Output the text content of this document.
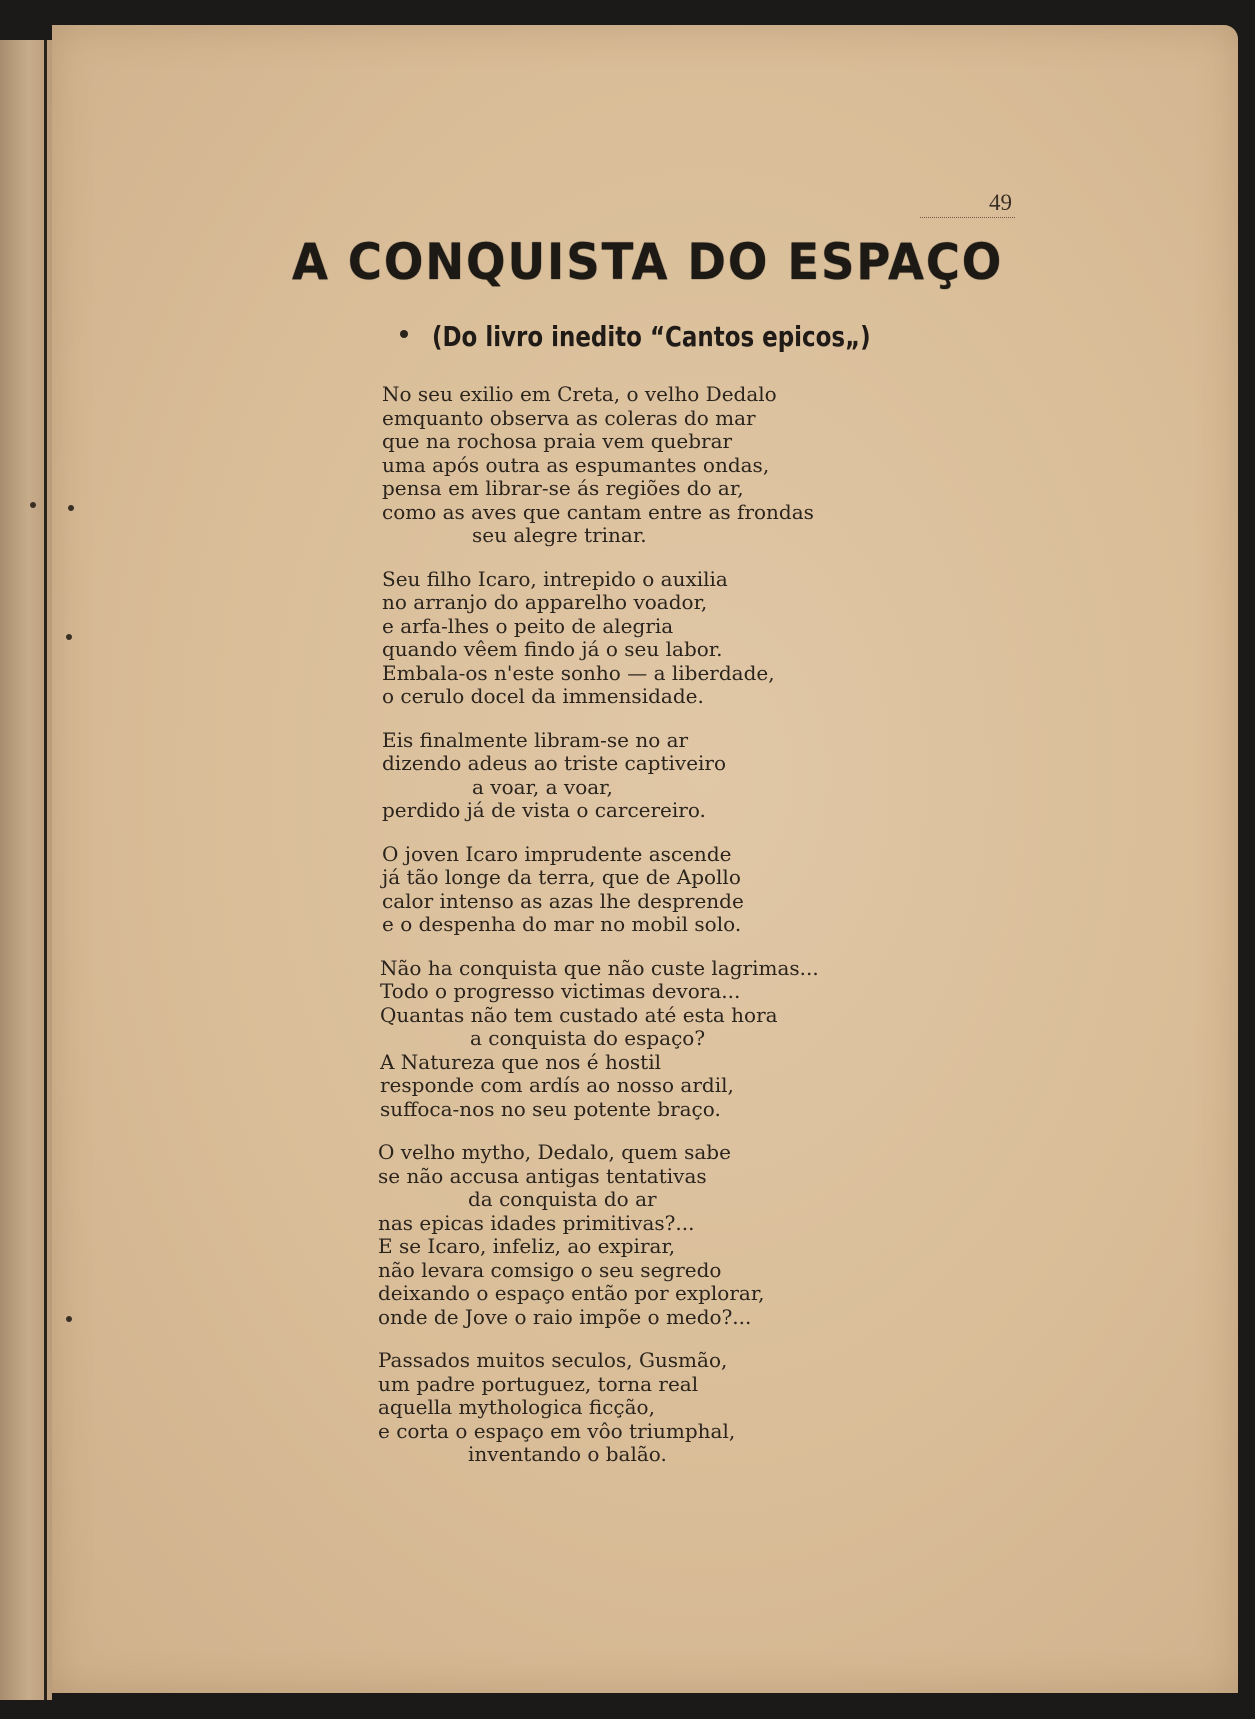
49
A CONQUISTA DO ESPAÇO
(Do livro inedito “Cantos epicos„)
No seu exilio em Creta, o velho Dedalo
emquanto observa as coleras do mar
que na rochosa praia vem quebrar
uma após outra as espumantes ondas,
pensa em librar-se ás regiões do ar,
como as aves que cantam entre as frondas
seu alegre trinar.
Seu filho Icaro, intrepido o auxilia
no arranjo do apparelho voador,
e arfa-lhes o peito de alegria
quando vêem findo já o seu labor.
Embala-os n'este sonho — a liberdade,
o cerulo docel da immensidade.
Eis finalmente libram-se no ar
dizendo adeus ao triste captiveiro
a voar, a voar,
perdido já de vista o carcereiro.
O joven Icaro imprudente ascende
já tão longe da terra, que de Apollo
calor intenso as azas lhe desprende
e o despenha do mar no mobil solo.
Não ha conquista que não custe lagrimas...
Todo o progresso victimas devora...
Quantas não tem custado até esta hora
a conquista do espaço?
A Natureza que nos é hostil
responde com ardís ao nosso ardil,
suffoca-nos no seu potente braço.
O velho mytho, Dedalo, quem sabe
se não accusa antigas tentativas
da conquista do ar
nas epicas idades primitivas?...
E se Icaro, infeliz, ao expirar,
não levara comsigo o seu segredo
deixando o espaço então por explorar,
onde de Jove o raio impõe o medo?...
Passados muitos seculos, Gusmão,
um padre portuguez, torna real
aquella mythologica ficção,
e corta o espaço em vôo triumphal,
inventando o balão.
